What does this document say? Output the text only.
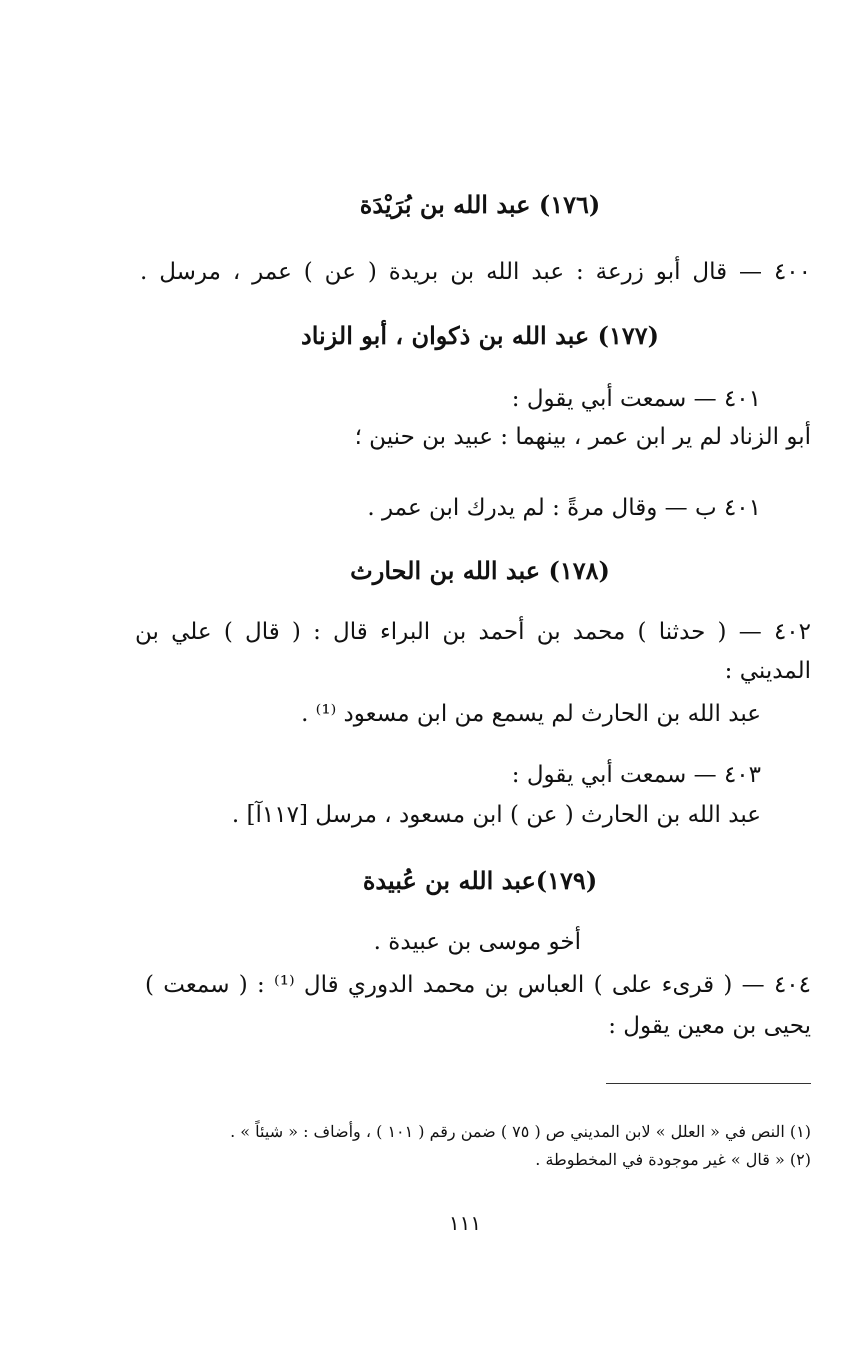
(١٧٦) عبد الله بن بُرَيْدَة
٤٠٠ — قال أبو زرعة : عبد الله بن بريدة ( عن ) عمر ، مرسل .
(١٧٧) عبد الله بن ذكوان ، أبو الزناد
٤٠١ — سمعت أبي يقول :
أبو الزناد لم ير ابن عمر ، بينهما : عبيد بن حنين ؛
٤٠١ ب — وقال مرةً : لم يدرك ابن عمر .
(١٧٨) عبد الله بن الحارث
٤٠٢ — ( حدثنا ) محمد بن أحمد بن البراء قال : ( قال ) علي بن
المديني :
عبد الله بن الحارث لم يسمع من ابن مسعود ⁽¹⁾ .
٤٠٣ — سمعت أبي يقول :
عبد الله بن الحارث ( عن ) ابن مسعود ، مرسل [١١٧آ] .
(١٧٩)عبد الله بن عُبيدة
أخو موسى بن عبيدة .
٤٠٤ — ( قرىء على ) العباس بن محمد الدوري قال ⁽¹⁾ : ( سمعت )
يحيى بن معين يقول :
(١) النص في « العلل » لابن المديني ص ( ٧٥ ) ضمن رقم ( ١٠١ ) ، وأضاف : « شيئاً » .
(٢) « قال » غير موجودة في المخطوطة .
١١١
